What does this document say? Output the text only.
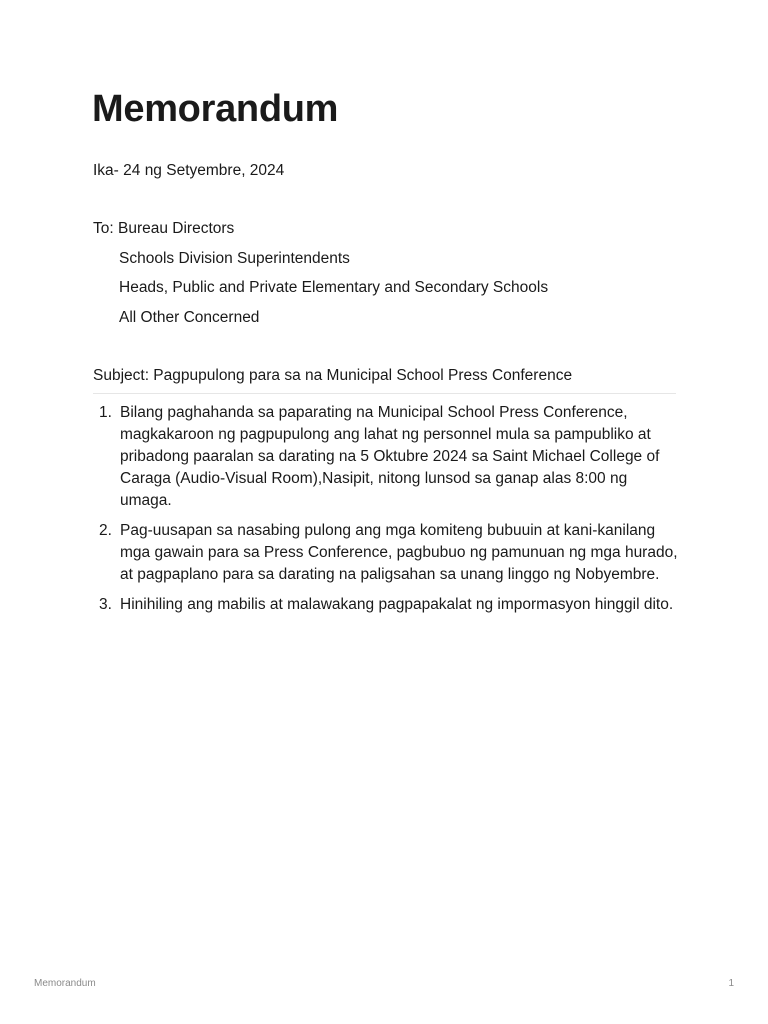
Memorandum
Ika- 24 ng Setyembre, 2024
To: Bureau Directors
Schools Division Superintendents
Heads, Public and Private Elementary and Secondary Schools
All Other Concerned
Subject: Pagpupulong para sa na Municipal School Press Conference
1. Bilang paghahanda sa paparating na Municipal School Press Conference, magkakaroon ng pagpupulong ang lahat ng personnel mula sa pampubliko at pribadong paaralan sa darating na 5 Oktubre 2024 sa Saint Michael College of Caraga (Audio-Visual Room),Nasipit, nitong lunsod sa ganap alas 8:00 ng umaga.
2. Pag-uusapan sa nasabing pulong ang mga komiteng bubuuin at kani-kanilang mga gawain para sa Press Conference, pagbubuo ng pamunuan ng mga hurado, at pagpaplano para sa darating na paligsahan sa unang linggo ng Nobyembre.
3. Hinihiling ang mabilis at malawakang pagpapakalat ng impormasyon hinggil dito.
Memorandum	1
